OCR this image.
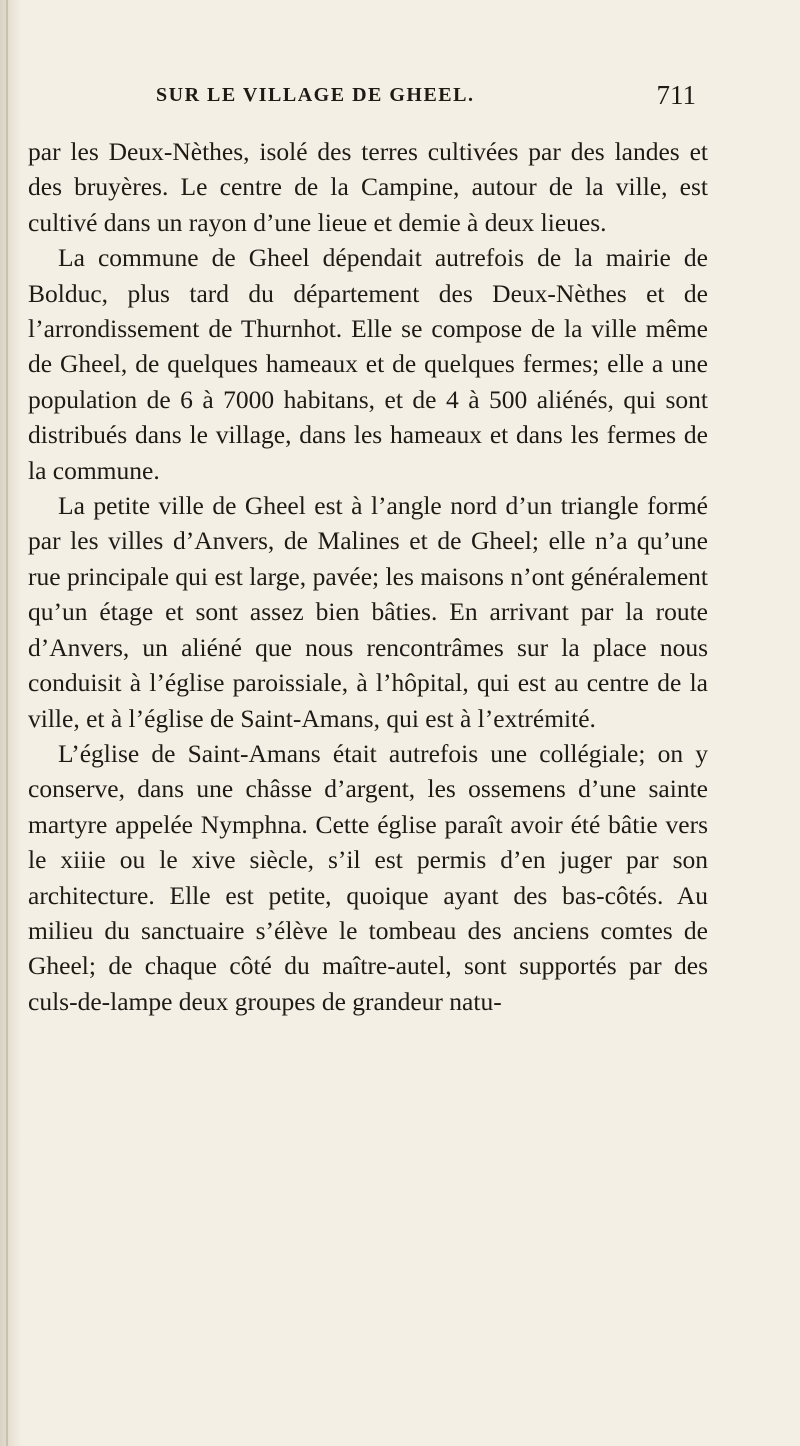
SUR LE VILLAGE DE GHEEL.	711

par les Deux-Nèthes, isolé des terres cultivées par des landes et des bruyères. Le centre de la Campine, autour de la ville, est cultivé dans un rayon d’une lieue et demie à deux lieues.

La commune de Gheel dépendait autrefois de la mairie de Bolduc, plus tard du département des Deux-Nèthes et de l’arrondissement de Thurnhot. Elle se compose de la ville même de Gheel, de quelques hameaux et de quelques fermes; elle a une population de 6 à 7000 habitans, et de 4 à 500 aliénés, qui sont distribués dans le village, dans les hameaux et dans les fermes de la commune.

La petite ville de Gheel est à l’angle nord d’un triangle formé par les villes d’Anvers, de Malines et de Gheel; elle n’a qu’une rue principale qui est large, pavée; les maisons n’ont généralement qu’un étage et sont assez bien bâties. En arrivant par la route d’Anvers, un aliéné que nous rencontrâmes sur la place nous conduisit à l’église paroissiale, à l’hôpital, qui est au centre de la ville, et à l’église de Saint-Amans, qui est à l’extrémité.

L’église de Saint-Amans était autrefois une collégiale; on y conserve, dans une châsse d’argent, les ossemens d’une sainte martyre appelée Nymphna. Cette église paraît avoir été bâtie vers le xiiie ou le xive siècle, s’il est permis d’en juger par son architecture. Elle est petite, quoique ayant des bas-côtés. Au milieu du sanctuaire s’élève le tombeau des anciens comtes de Gheel; de chaque côté du maître-autel, sont supportés par des culs-de-lampe deux groupes de grandeur natu-
